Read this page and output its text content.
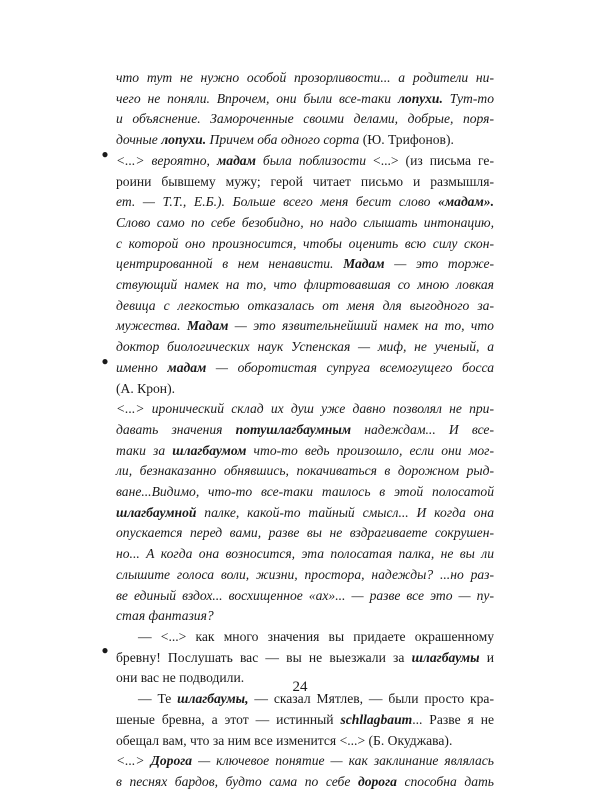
что тут не нужно особой прозорливости... а родители ни-
чего не поняли. Впрочем, они были все-таки лопухи. Тут-то
и объяснение. Замороченные своими делами, добрые, поря-
дочные лопухи. Причем оба одного сорта (Ю. Трифонов).
<...> вероятно, мадам была поблизости <...> (из письма ге-
роини бывшему мужу; герой читает письмо и размышля-
ет. — Т.Т., Е.Б.). Больше всего меня бесит слово «мадам».
Слово само по себе безобидно, но надо слышать интонацию,
с которой оно произносится, чтобы оценить всю силу скон-
центрированной в нем ненависти. Мадам — это торже-
ствующий намек на то, что флиртовавшая со мною ловкая
девица с легкостью отказалась от меня для выгодного за-
мужества. Мадам — это язвительнейший намек на то, что
доктор биологических наук Успенская — миф, не ученый, а
именно мадам — оборотистая супруга всемогущего босса
(А. Крон).
<...> иронический склад их душ уже давно позволял не при-
давать значения потушлагбаумным надеждам... И все-
таки за шлагбаумом что-то ведь произошло, если они мог-
ли, безнаказанно обнявшись, покачиваться в дорожном рыд-
ване...Видимо, что-то все-таки таилось в этой полосатой
шлагбаумной палке, какой-то тайный смысл... И когда она
опускается перед вами, разве вы не вздрагиваете сокрушен-
но... А когда она возносится, эта полосатая палка, не вы ли
слышите голоса воли, жизни, простора, надежды? ...но раз-
ве единый вздох... восхищенное «ах»... — разве все это — пу-
стая фантазия?
— <...> как много значения вы придаете окрашенному
бревну! Послушать вас — вы не выезжали за шлагбаумы и
они вас не подводили.
— Те шлагбаумы, — сказал Мятлев, — были просто кра-
шеные бревна, а этот — истинный schllagbaum... Разве я не
обещал вам, что за ним все изменится <...> (Б. Окуджава).
<...> Дорога — ключевое понятие — как заклинание являлась
в песнях бардов, будто сама по себе дорога способна дать
●
●
●
24
